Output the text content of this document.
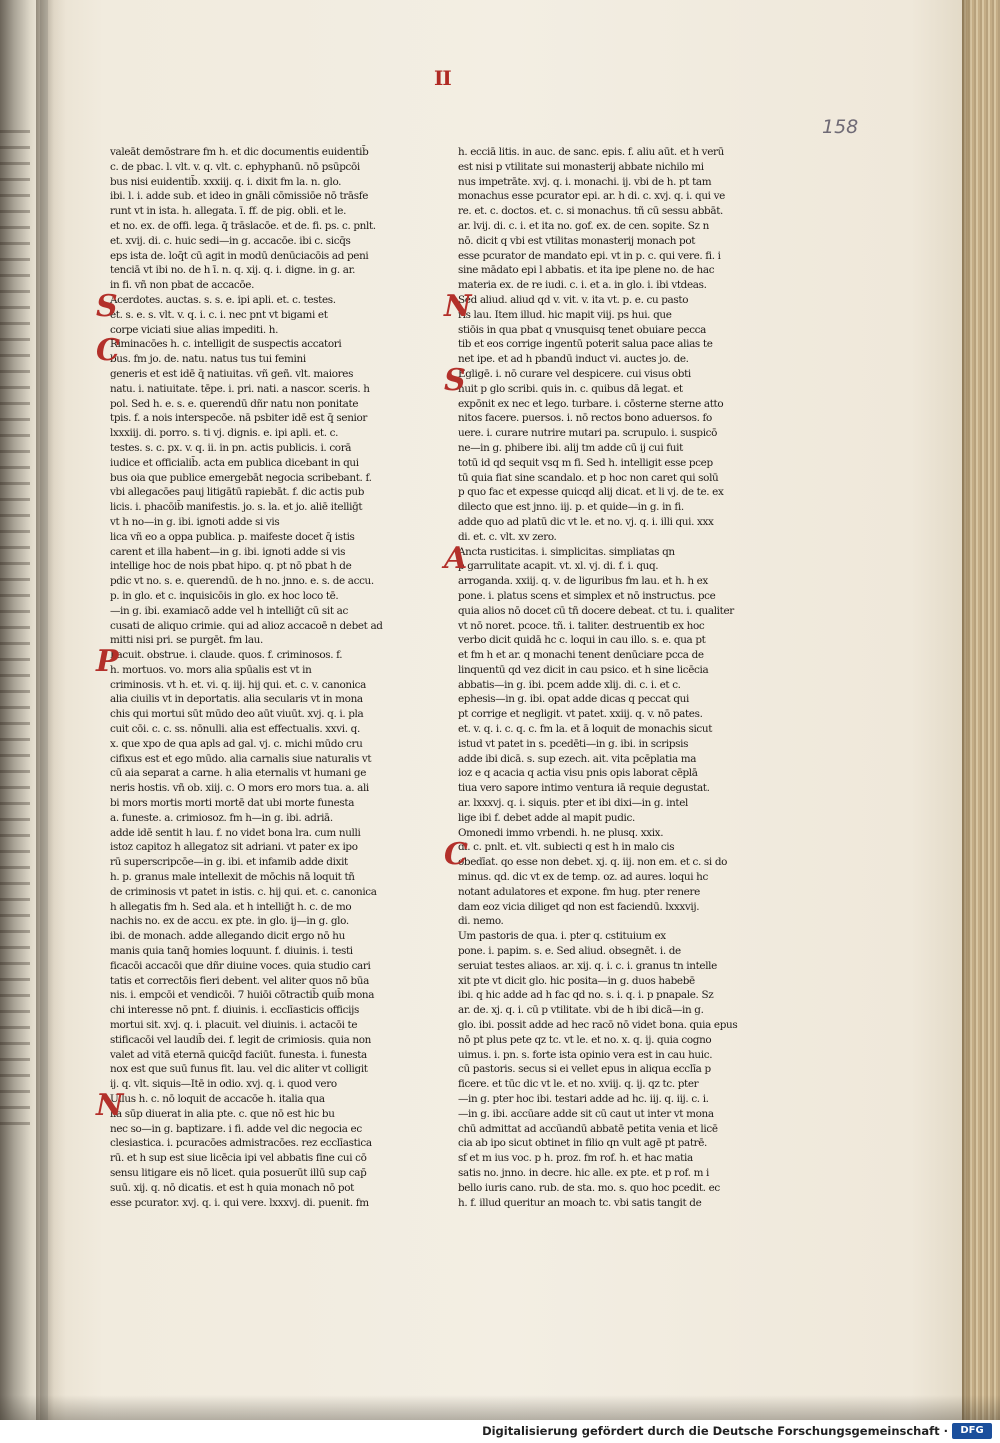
II
158
valeāt demōstrare fm h. et dic documentis euidentib̄
c. de pbac. l. vlt. v. q. vlt. c. ephyphanū. nō psūpcōi
bus nisi euidentib̄. xxxiij. q. i. dixit fm la. n. glo.
ibi. l. i. adde sub. et ideo in gnāli cōmissiōe nō trāsfe
runt vt in ista. h. allegata. ī. ff. de pig. obli. et le.
et no. ex. de offi. lega. q̄ trāslacōe. et de. fi. ps. c. pnlt.
et. xvij. di. c. huic sedi—in g. accacōe. ibi c. sicq̄s
eps ista de. loq̄t cū agit in modū denūciacōis ad peni
tenciā vt ibi no. de h ī. n. q. xij. q. i. digne. in g. ar.
in fi. vñ non pbat de accacōe.
Acerdotes. auctas. s. s. e. ipi apli. et. c. testes.
et. s. e. s. vlt. v. q. i. c. i. nec pnt vt bigami et
corpe viciati siue alias impediti. h.
Riminacōes h. c. intelligit de suspectis accatori
bus. fm jo. de. natu. natus tus tui femini
generis et est idē q̄ natiuitas. vñ geñ. vlt. maiores
natu. i. natiuitate. tēpe. i. pri. nati. a nascor. sceris. h
pol. Sed h. e. s. e. querendū dñr natu non ponitate
tpis. f. a nois interspecōe. nā psbiter idē est q̄ senior
lxxxiij. di. porro. s. ti vj. dignis. e. ipi apli. et. c.
testes. s. c. px. v. q. ii. in pn. actis publicis. i. corā
iudice et officialib̄. acta em publica dicebant in qui
bus oia que publice emergebāt negocia scribebant. f.
vbi allegacōes pauj litigātū rapiebāt. f. dic actis pub
licis. i. phacōib̄ manifestis. jo. s. la. et jo. aliē itelliḡt
vt h no—in g. ibi. ignoti adde si vis
lica vñ eo a oppa publica. p. maifeste docet q̄ istis
carent et illa habent—in g. ibi. ignoti adde si vis
intellige hoc de nois pbat hipo. q. pt nō pbat h de
pdic vt no. s. e. querendū. de h no. jnno. e. s. de accu.
p. in glo. et c. inquisicōis in glo. ex hoc loco tē.
—in g. ibi. examiacō adde vel h intelliḡt cū sit ac
cusati de aliquo crimie. qui ad alioz accacoē n debet ad
mitti nisi pri. se purgēt. fm lau.
Lacuit. obstrue. i. claude. quos. f. criminosos. f.
h. mortuos. vo. mors alia spūalis est vt in
criminosis. vt h. et. vi. q. iij. hij qui. et. c. v. canonica
alia ciuilis vt in deportatis. alia secularis vt in mona
chis qui mortui sūt mūdo deo aūt viuūt. xvj. q. i. pla
cuit cōi. c. c. ss. nōnulli. alia est effectualis. xxvi. q.
x. que xpo de qua apls ad gal. vj. c. michi mūdo cru
cifixus est et ego mūdo. alia carnalis siue naturalis vt
cū aia separat a carne. h alia eternalis vt humani ge
neris hostis. vñ ob. xiij. c. O mors ero mors tua. a. ali
bi mors mortis morti mortē dat ubi morte funesta
a. funeste. a. crimiosoz. fm h—in g. ibi. adriā.
adde idē sentit h lau. f. no videt bona lra. cum nulli
istoz capitoz h allegatoz sit adriani. vt pater ex ipo
rū superscripcōe—in g. ibi. et infamib adde dixit
h. p. granus male intellexit de mōchis nā loquit tñ
de criminosis vt patet in istis. c. hij qui. et. c. canonica
h allegatis fm h. Sed ala. et h intelliḡt h. c. de mo
nachis no. ex de accu. ex pte. in glo. ij—in g. glo.
ibi. de monach. adde allegando dicit ergo nō hu
manis quia tanq̄ homies loquunt. f. diuinis. i. testi
ficacōi accacōi que dñr diuine voces. quia studio cari
tatis et correctōis fieri debent. vel aliter quos nō būa
nis. i. empcōi et vendicōi. 7 huiōi cōtractib̄ quib̄ mona
chi interesse nō pnt. f. diuinis. i. ecclīasticis officijs
mortui sit. xvj. q. i. placuit. vel diuinis. i. actacōi te
stificacōi vel laudib̄ dei. f. legit de crimiosis. quia non
valet ad vitā eternā quicq̄d faciūt. funesta. i. funesta
nox est que suū funus fit. lau. vel dic aliter vt colligit
ij. q. vlt. siquis—Itē in odio. xvj. q. i. quod vero
Ullus h. c. nō loquit de accacōe h. italia qua
lia sūp diuerat in alia pte. c. que nō est hic bu
nec so—in g. baptizare. i fi. adde vel dic negocia ec
clesiastica. i. pcuracōes admistracōes. rez ecclīastica
rū. et h sup est siue licēcia ipi vel abbatis fine cui cō
sensu litigare eis nō licet. quia posuerūt illū sup cap̄
suū. xij. q. nō dicatis. et est h quia monach nō pot
esse pcurator. xvj. q. i. qui vere. lxxxvj. di. puenit. fm
S
C
P
N
h. ecciā litis. in auc. de sanc. epis. f. aliu aūt. et h verū
est nisi p vtilitate sui monasterij abbate nichilo mi
nus impetrāte. xvj. q. i. monachi. ij. vbi de h. pt tam
monachus esse pcurator epi. ar. h di. c. xvj. q. i. qui ve
re. et. c. doctos. et. c. si monachus. tñ cū sessu abbāt.
ar. lvij. di. c. i. et ita no. gof. ex. de cen. sopite. Sz n
nō. dicit q vbi est vtilitas monasterij monach pot
esse pcurator de mandato epi. vt in p. c. qui vere. fi. i
sine mādato epi l abbatis. et ita ipe plene no. de hac
materia ex. de re iudi. c. i. et a. in glo. i. ibi vtdeas.
Sed aliud. aliud qd v. vit. v. ita vt. p. e. cu pasto
ris lau. Item illud. hic mapit viij. ps hui. que
stiōis in qua pbat q vnusquisq tenet obuiare pecca
tib et eos corrige ingentū poterit salua pace alias te
net ipe. et ad h pbandū induct vi. auctes jo. de.
Egligē. i. nō curare vel despicere. cui visus obti
nuit p glo scribi. quis in. c. quibus dā legat. et
expōnit ex nec et lego. turbare. i. cōsterne sterne atto
nitos facere. puersos. i. nō rectos bono aduersos. fo
uere. i. curare nutrire mutari pa. scrupulo. i. suspicō
ne—in g. phibere ibi. alij tm adde cū ij cui fuit
totū id qd sequit vsq m fi. Sed h. intelligit esse pcep
tū quia fiat sine scandalo. et p hoc non caret qui solū
p quo fac et expesse quicqd alij dicat. et li vj. de te. ex
dilecto que est jnno. iij. p. et quide—in g. in fi.
adde quo ad platū dic vt le. et no. vj. q. i. illi qui. xxx
di. et. c. vlt. xv zero.
Ancta rusticitas. i. simplicitas. simpliatas qn
p garrulitate acapit. vt. xl. vj. di. f. i. quq.
arroganda. xxiij. q. v. de liguribus fm lau. et h. h ex
pone. i. platus scens et simplex et nō instructus. pce
quia alios nō docet cū tñ docere debeat. ct tu. i. qualiter
vt nō noret. pcoce. tñ. i. taliter. destruentib ex hoc
verbo dicit quidā hc c. loqui in cau illo. s. e. qua pt
et fm h et ar. q monachi tenent denūciare pcca de
linquentū qd vez dicit in cau psico. et h sine licēcia
abbatis—in g. ibi. pcem adde xlij. di. c. i. et c.
ephesis—in g. ibi. opat adde dicas q peccat qui
pt corrige et negligit. vt patet. xxiij. q. v. nō pates.
et. v. q. i. c. q. c. fm la. et ā loquit de monachis sicut
istud vt patet in s. pcedēti—in g. ibi. in scripsis
adde ibi dicā. s. sup ezech. ait. vita pcēplatia ma
ioz e q acacia q actia visu pnis opis laborat cēplā
tiua vero sapore intimo ventura iā requie degustat.
ar. lxxxvj. q. i. siquis. pter et ibi dixi—in g. intel
lige ibi f. debet adde al mapit pudic.
Omonedi immo vrbendi. h. ne plusq. xxix.
di. c. pnlt. et. vlt. subiecti q est h in malo cis
obedīat. qo esse non debet. xj. q. iij. non em. et c. si do
minus. qd. dic vt ex de temp. oz. ad aures. loqui hc
notant adulatores et expone. fm hug. pter renere
dam eoz vicia diliget qd non est faciendū. lxxxvij.
di. nemo.
Um pastoris de qua. i. pter q. cstituium ex
pone. i. papim. s. e. Sed aliud. obsegnēt. i. de
seruiat testes aliaos. ar. xij. q. i. c. i. granus tn intelle
xit pte vt dicit glo. hic posita—in g. duos habebē
ibi. q hic adde ad h fac qd no. s. i. q. i. p pnapale. Sz
ar. de. xj. q. i. cū p vtilitate. vbi de h ibi dicā—in g.
glo. ibi. possit adde ad hec racō nō videt bona. quia epus
nō pt plus pete qz tc. vt le. et no. x. q. ij. quia cogno
uimus. i. pn. s. forte ista opinio vera est in cau huic.
cū pastoris. secus si ei vellet epus in aliqua ecclīa p
ficere. et tūc dic vt le. et no. xviij. q. ij. qz tc. pter
—in g. pter hoc ibi. testari adde ad hc. iij. q. iij. c. i.
—in g. ibi. accūare adde sit cū caut ut inter vt mona
chū admittat ad accūandū abbatē petita venia et licē
cia ab ipo sicut obtinet in filio qn vult agē pt patrē.
sf et m ius voc. p h. proz. fm rof. h. et hac matia
satis no. jnno. in decre. hic alle. ex pte. et p rof. m i
bello iuris cano. rub. de sta. mo. s. quo hoc pcedit. ec
h. f. illud queritur an moach tc. vbi satis tangit de
N
S
A
C
Digitalisierung gefördert durch die Deutsche Forschungsgemeinschaft ·	DFG
